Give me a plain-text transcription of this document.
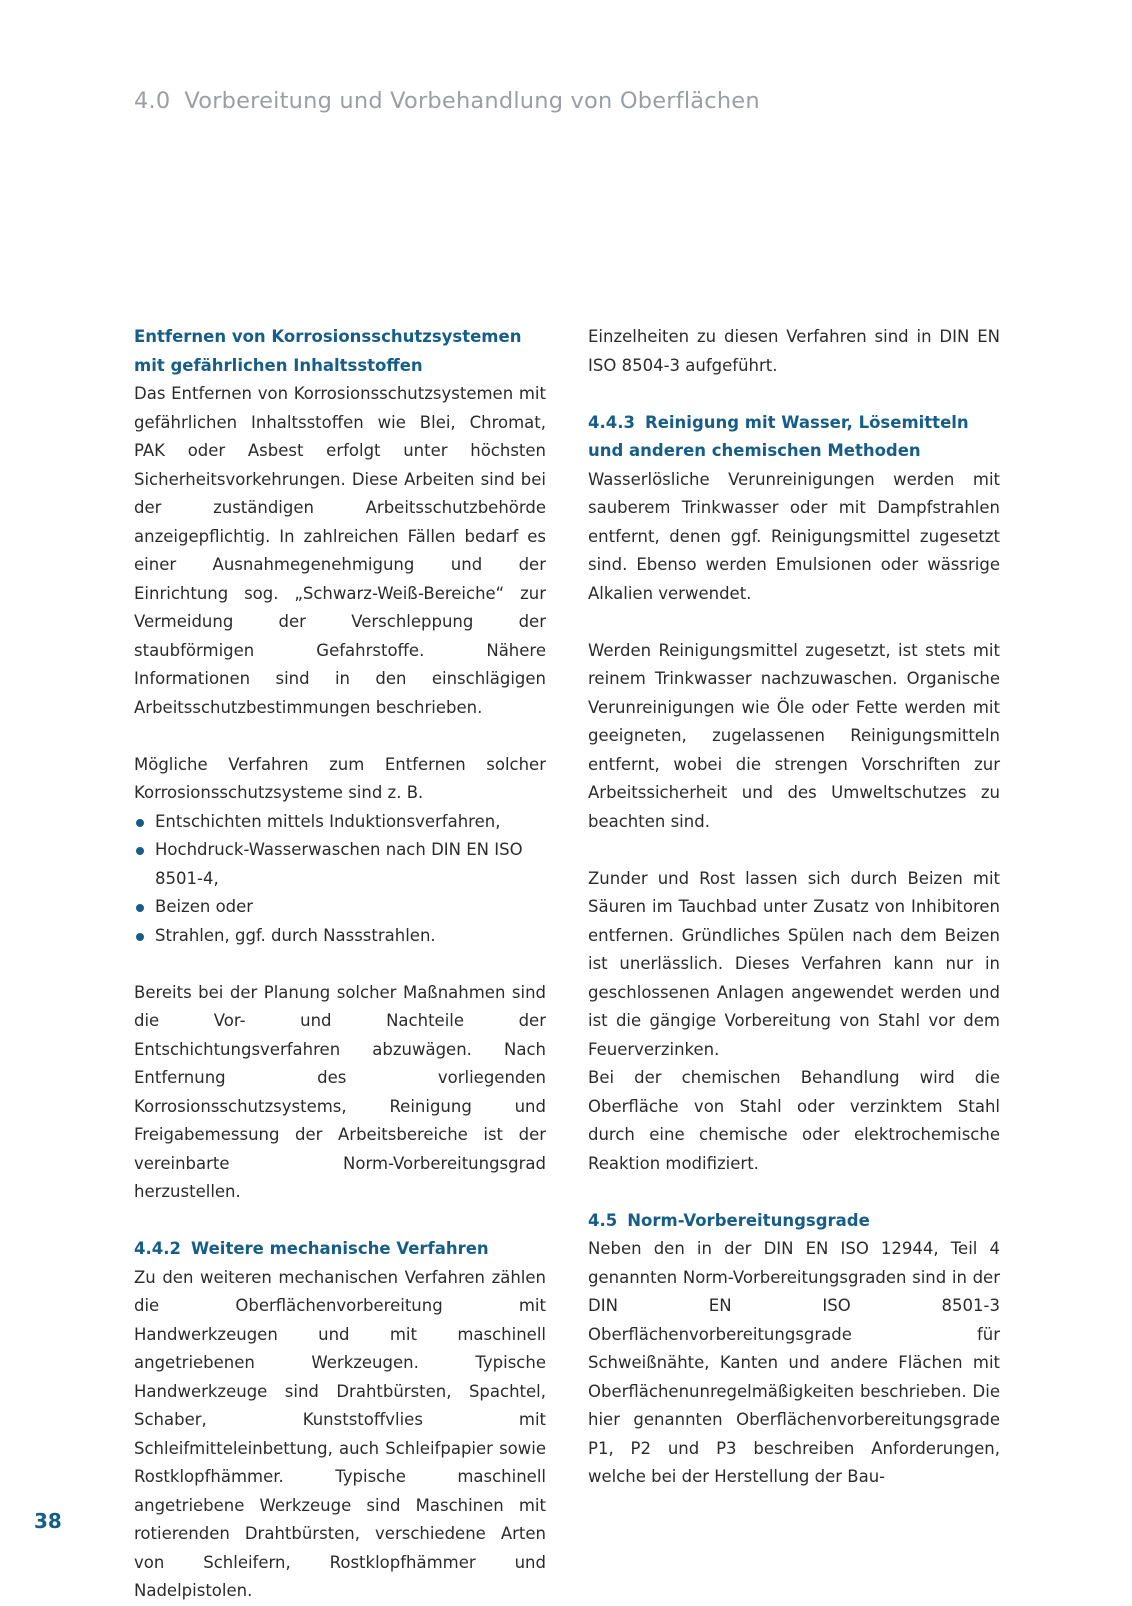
4.0 Vorbereitung und Vorbehandlung von Oberflächen
Entfernen von Korrosionsschutzsystemen
mit gefährlichen Inhaltsstoffen

Das Entfernen von Korrosionsschutzsystemen mit gefährlichen Inhaltsstoffen wie Blei, Chromat, PAK oder Asbest erfolgt unter höchsten Sicherheitsvorkehrungen. Diese Arbeiten sind bei der zuständigen Arbeitsschutzbehörde anzeigepflichtig. In zahlreichen Fällen bedarf es einer Ausnahmegenehmigung und der Einrichtung sog. „Schwarz-Weiß-Bereiche“ zur Vermeidung der Verschleppung der staubförmigen Gefahrstoffe. Nähere Informationen sind in den einschlägigen Arbeitsschutzbestimmungen beschrieben.

Mögliche Verfahren zum Entfernen solcher Korrosionsschutzsysteme sind z. B.

Entschichten mittels Induktionsverfahren,
Hochdruck-Wasserwaschen nach DIN EN ISO 8501-4,
Beizen oder
Strahlen, ggf. durch Nassstrahlen.

Bereits bei der Planung solcher Maßnahmen sind die Vor- und Nachteile der Entschichtungsverfahren abzuwägen. Nach Entfernung des vorliegenden Korrosionsschutzsystems, Reinigung und Freigabemessung der Arbeitsbereiche ist der vereinbarte Norm-Vorbereitungsgrad herzustellen.

4.4.2 Weitere mechanische Verfahren

Zu den weiteren mechanischen Verfahren zählen die Oberflächenvorbereitung mit Handwerkzeugen und mit maschinell angetriebenen Werkzeugen. Typische Handwerkzeuge sind Drahtbürsten, Spachtel, Schaber, Kunststoffvlies mit Schleifmitteleinbettung, auch Schleifpapier sowie Rostklopfhämmer. Typische maschinell angetriebene Werkzeuge sind Maschinen mit rotierenden Drahtbürsten, verschiedene Arten von Schleifern, Rostklopfhämmer und Nadelpistolen.

Einzelheiten zu diesen Verfahren sind in DIN EN ISO 8504-3 aufgeführt.

4.4.3 Reinigung mit Wasser, Lösemitteln
und anderen chemischen Methoden

Wasserlösliche Verunreinigungen werden mit sauberem Trinkwasser oder mit Dampfstrahlen entfernt, denen ggf. Reinigungsmittel zugesetzt sind. Ebenso werden Emulsionen oder wässrige Alkalien verwendet.

Werden Reinigungsmittel zugesetzt, ist stets mit reinem Trinkwasser nachzuwaschen. Organische Verunreinigungen wie Öle oder Fette werden mit geeigneten, zugelassenen Reinigungsmitteln entfernt, wobei die strengen Vorschriften zur Arbeitssicherheit und des Umweltschutzes zu beachten sind.

Zunder und Rost lassen sich durch Beizen mit Säuren im Tauchbad unter Zusatz von Inhibitoren entfernen. Gründliches Spülen nach dem Beizen ist unerlässlich. Dieses Verfahren kann nur in geschlossenen Anlagen angewendet werden und ist die gängige Vorbereitung von Stahl vor dem Feuerverzinken.

Bei der chemischen Behandlung wird die Oberfläche von Stahl oder verzinktem Stahl durch eine chemische oder elektrochemische Reaktion modifiziert.

4.5 Norm-Vorbereitungsgrade

Neben den in der DIN EN ISO 12944, Teil 4 genannten Norm-Vorbereitungsgraden sind in der DIN EN ISO 8501-3 Oberflächenvorbereitungsgrade für Schweißnähte, Kanten und andere Flächen mit Oberflächenunregelmäßigkeiten beschrieben. Die hier genannten Oberflächenvorbereitungsgrade P1, P2 und P3 beschreiben Anforderungen, welche bei der Herstellung der Bau-

38
